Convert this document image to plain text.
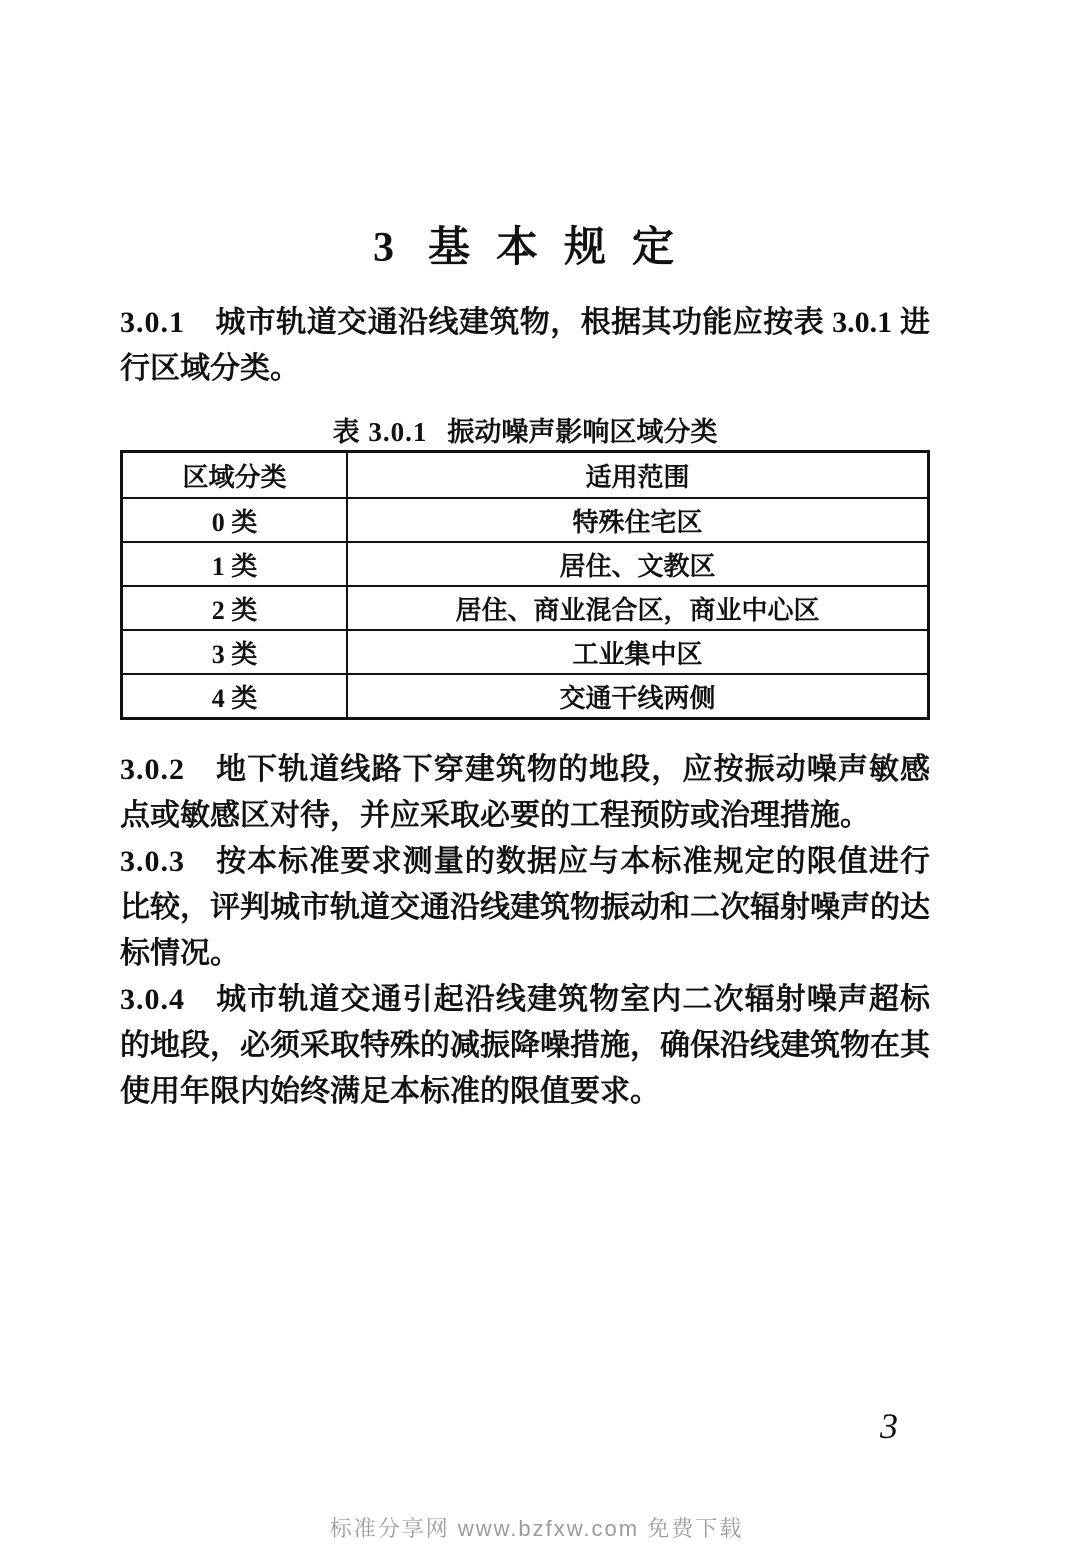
3 基本规定

3.0.1 城市轨道交通沿线建筑物，根据其功能应按表 3.0.1 进行区域分类。

表 3.0.1 振动噪声影响区域分类
区域分类	适用范围
0 类	特殊住宅区
1 类	居住、文教区
2 类	居住、商业混合区，商业中心区
3 类	工业集中区
4 类	交通干线两侧

3.0.2 地下轨道线路下穿建筑物的地段，应按振动噪声敏感点或敏感区对待，并应采取必要的工程预防或治理措施。

3.0.3 按本标准要求测量的数据应与本标准规定的限值进行比较，评判城市轨道交通沿线建筑物振动和二次辐射噪声的达标情况。

3.0.4 城市轨道交通引起沿线建筑物室内二次辐射噪声超标的地段，必须采取特殊的减振降噪措施，确保沿线建筑物在其使用年限内始终满足本标准的限值要求。

3
标准分享网 www.bzfxw.com 免费下载
